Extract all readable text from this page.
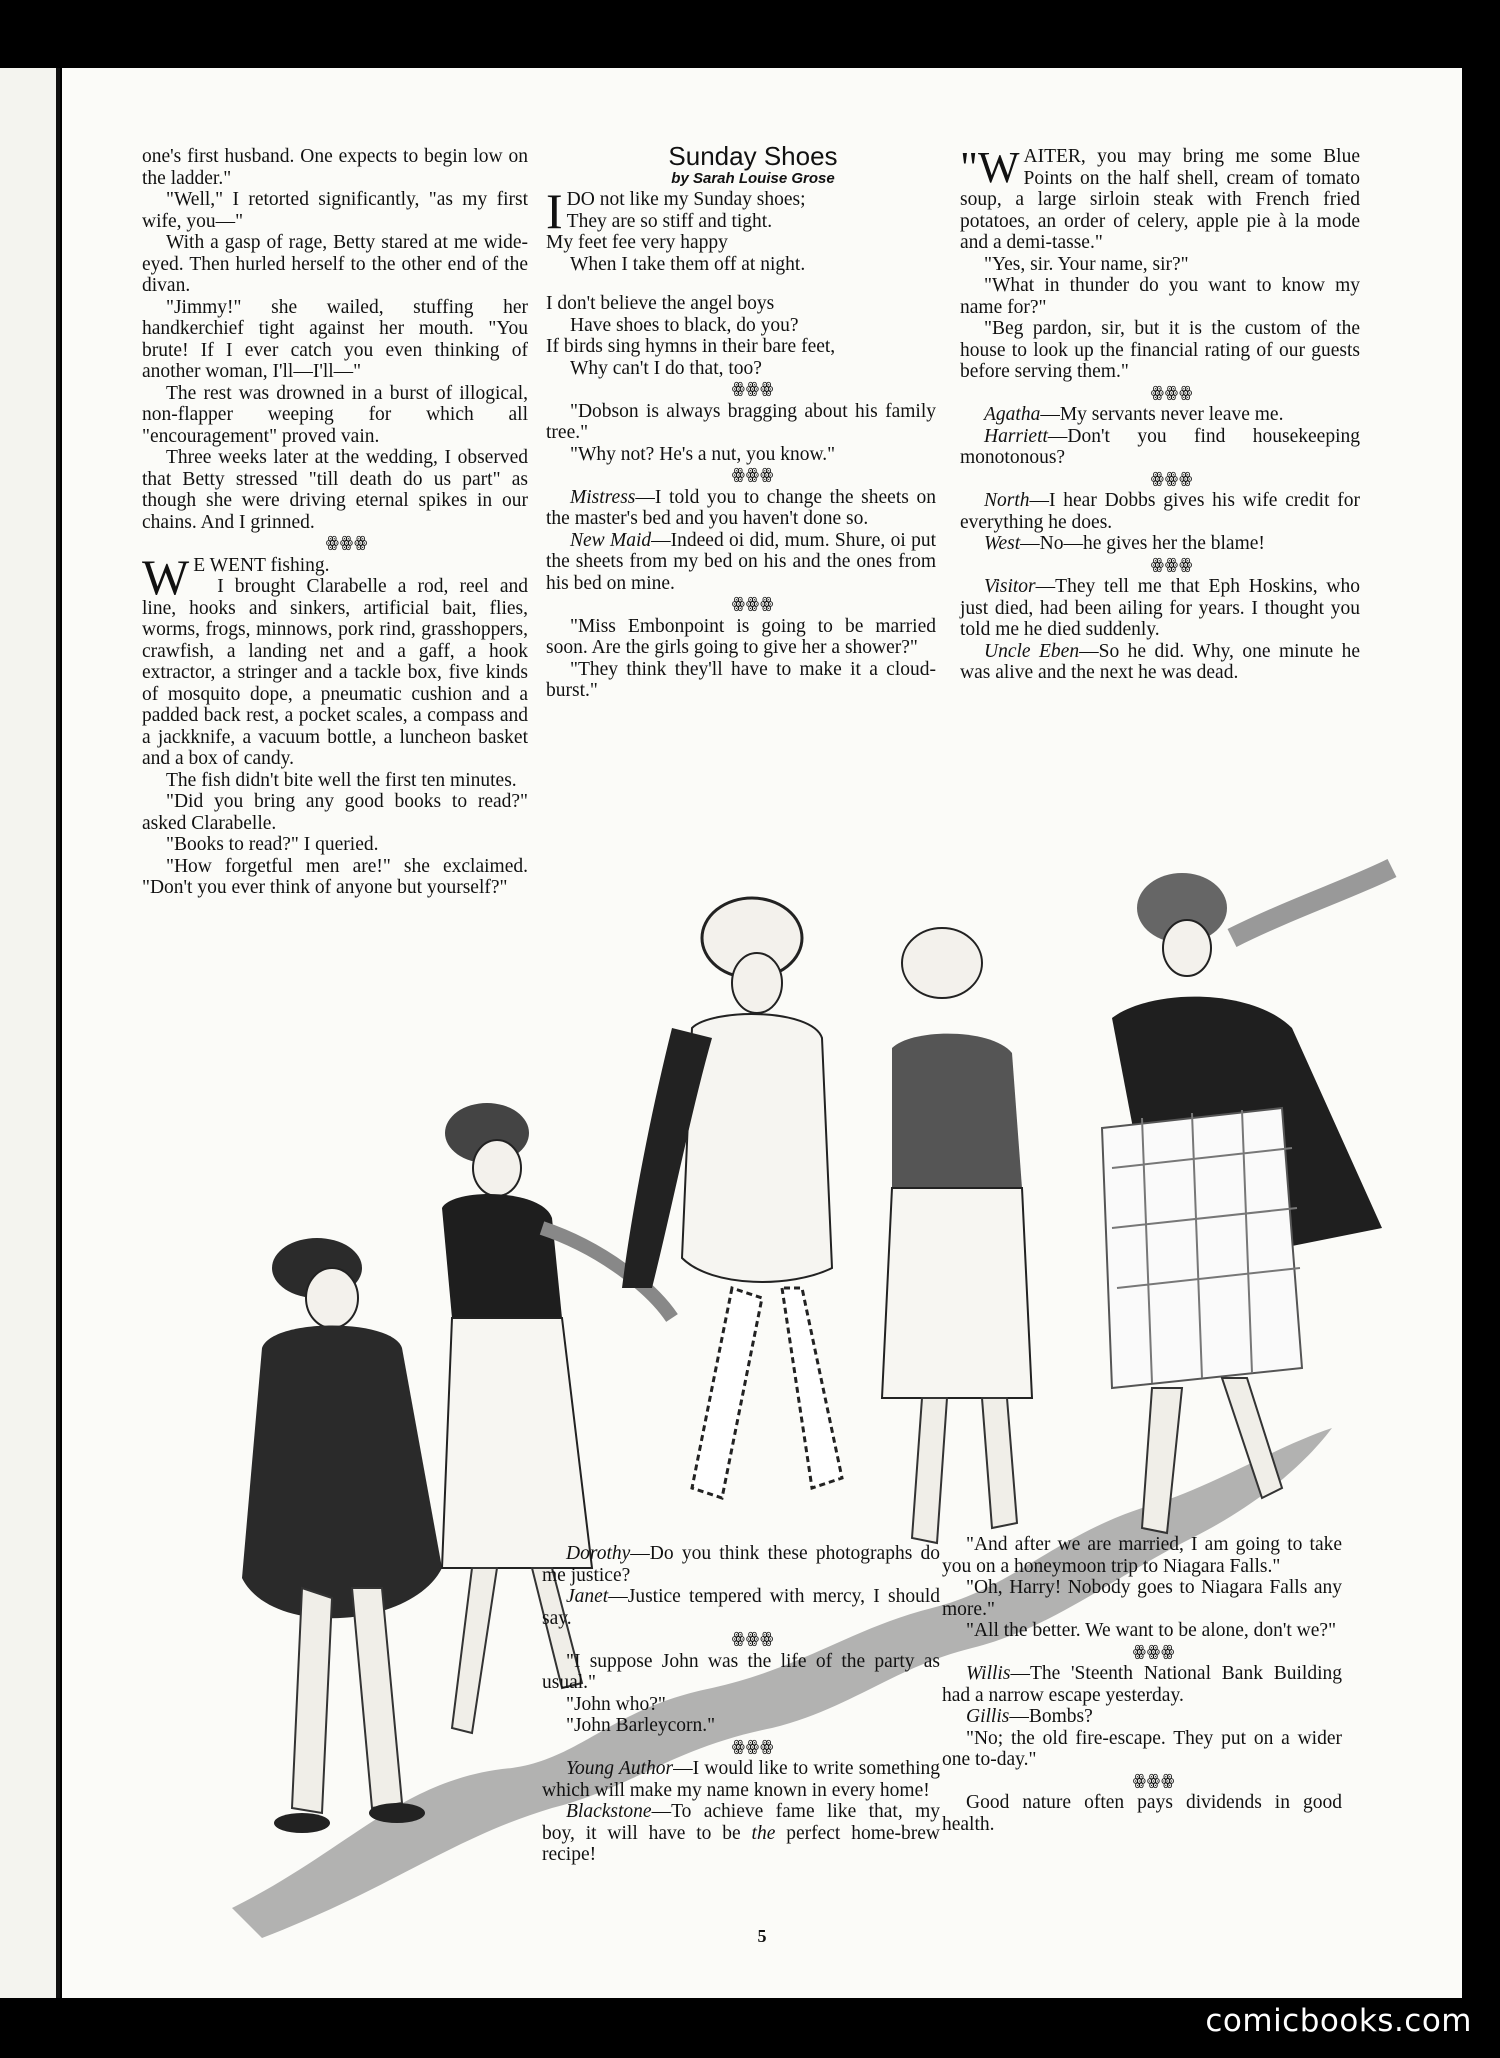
one's first husband. One expects to begin low on the ladder."

"Well," I retorted significantly, "as my first wife, you—"

With a gasp of rage, Betty stared at me wide-eyed. Then hurled herself to the other end of the divan.

"Jimmy!" she wailed, stuffing her handkerchief tight against her mouth. "You brute! If I ever catch you even thinking of another woman, I'll—I'll—"

The rest was drowned in a burst of illogical, non-flapper weeping for which all "encouragement" proved vain.

Three weeks later at the wedding, I observed that Betty stressed "till death do us part" as though she were driving eternal spikes in our chains. And I grinned.

ꙮꙮꙮ

W E WENT fishing.

I brought Clarabelle a rod, reel and line, hooks and sinkers, artificial bait, flies, worms, frogs, minnows, pork rind, grasshoppers, crawfish, a landing net and a gaff, a hook extractor, a stringer and a tackle box, five kinds of mosquito dope, a pneumatic cushion and a padded back rest, a pocket scales, a compass and a jackknife, a vacuum bottle, a luncheon basket and a box of candy.

The fish didn't bite well the first ten minutes.

"Did you bring any good books to read?" asked Clarabelle.

"Books to read?" I queried.

"How forgetful men are!" she exclaimed. "Don't you ever think of anyone but yourself?"

Sunday Shoes

by Sarah Louise Grose

IDO not like my Sunday shoes;

They are so stiff and tight.

My feet fee very happy

When I take them off at night.

I don't believe the angel boys

Have shoes to black, do you?

If birds sing hymns in their bare feet,

Why can't I do that, too?

ꙮꙮꙮ

"Dobson is always bragging about his family tree."

"Why not? He's a nut, you know."

ꙮꙮꙮ

Mistress—I told you to change the sheets on the master's bed and you haven't done so.

New Maid—Indeed oi did, mum. Shure, oi put the sheets from my bed on his and the ones from his bed on mine.

ꙮꙮꙮ

"Miss Embonpoint is going to be married soon. Are the girls going to give her a shower?"

"They think they'll have to make it a cloud-burst."

"W AITER, you may bring me some Blue Points on the half shell, cream of tomato soup, a large sirloin steak with French fried potatoes, an order of celery, apple pie à la mode and a demi-tasse."

"Yes, sir. Your name, sir?"

"What in thunder do you want to know my name for?"

"Beg pardon, sir, but it is the custom of the house to look up the financial rating of our guests before serving them."

ꙮꙮꙮ

Agatha—My servants never leave me.

Harriett—Don't you find housekeeping monotonous?

ꙮꙮꙮ

North—I hear Dobbs gives his wife credit for everything he does.

West—No—he gives her the blame!

ꙮꙮꙮ

Visitor—They tell me that Eph Hoskins, who just died, had been ailing for years. I thought you told me he died suddenly.

Uncle Eben—So he did. Why, one minute he was alive and the next he was dead.

Dorothy—Do you think these photographs do me justice?

Janet—Justice tempered with mercy, I should say.

ꙮꙮꙮ

"I suppose John was the life of the party as usual."

"John who?"

"John Barleycorn."

ꙮꙮꙮ

Young Author—I would like to write something which will make my name known in every home!

Blackstone—To achieve fame like that, my boy, it will have to be the perfect home-brew recipe!

"And after we are married, I am going to take you on a honeymoon trip to Niagara Falls."

"Oh, Harry! Nobody goes to Niagara Falls any more."

"All the better. We want to be alone, don't we?"

ꙮꙮꙮ

Willis—The 'Steenth National Bank Building had a narrow escape yesterday.

Gillis—Bombs?

"No; the old fire-escape. They put on a wider one to-day."

ꙮꙮꙮ

Good nature often pays dividends in good health.

5
comicbooks.com
